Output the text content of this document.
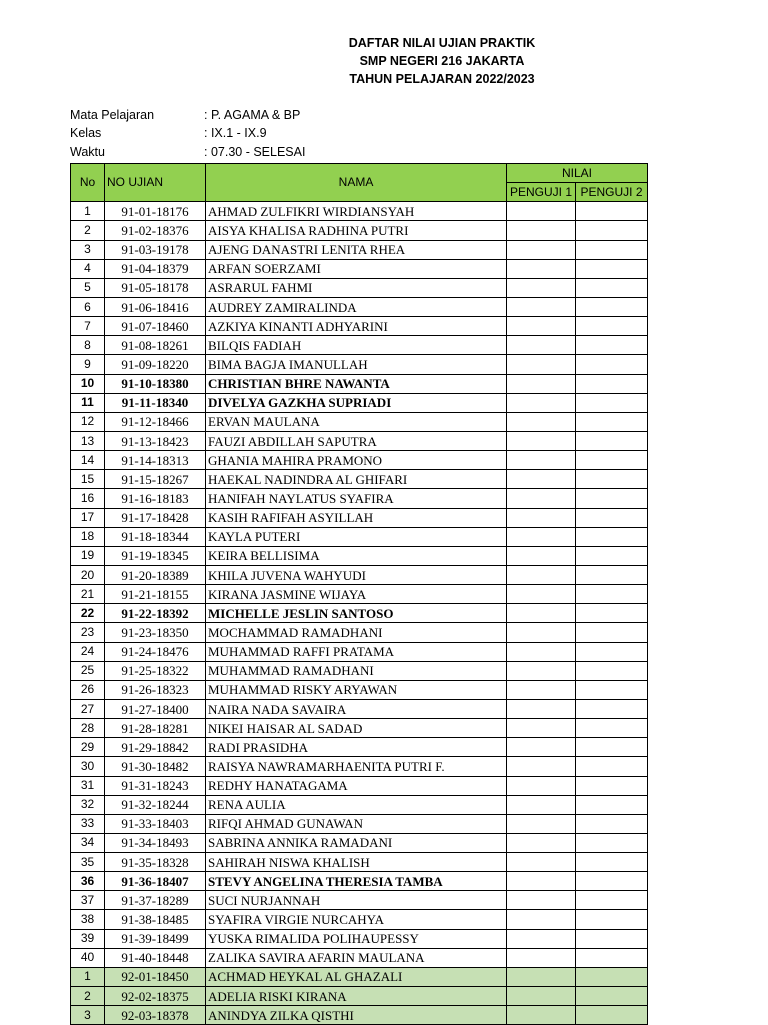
DAFTAR NILAI UJIAN PRAKTIK
SMP NEGERI 216 JAKARTA
TAHUN PELAJARAN 2022/2023
Mata Pelajaran	: P. AGAMA & BP
Kelas	: IX.1 - IX.9
Waktu	: 07.30 - SELESAI
No	NO UJIAN	NAMA	NILAI	
			PENGUJI 1	PENGUJI 2
1	91-01-18176	AHMAD ZULFIKRI WIRDIANSYAH		
2	91-02-18376	AISYA KHALISA RADHINA PUTRI		
3	91-03-19178	AJENG DANASTRI LENITA RHEA		
4	91-04-18379	ARFAN SOERZAMI		
5	91-05-18178	ASRARUL FAHMI		
6	91-06-18416	AUDREY ZAMIRALINDA		
7	91-07-18460	AZKIYA KINANTI ADHYARINI		
8	91-08-18261	BILQIS FADIAH		
9	91-09-18220	BIMA BAGJA IMANULLAH		
10	91-10-18380	CHRISTIAN BHRE NAWANTA		
11	91-11-18340	DIVELYA GAZKHA SUPRIADI		
12	91-12-18466	ERVAN MAULANA		
13	91-13-18423	FAUZI ABDILLAH SAPUTRA		
14	91-14-18313	GHANIA MAHIRA PRAMONO		
15	91-15-18267	HAEKAL NADINDRA AL GHIFARI		
16	91-16-18183	HANIFAH NAYLATUS SYAFIRA		
17	91-17-18428	KASIH RAFIFAH ASYILLAH		
18	91-18-18344	KAYLA PUTERI		
19	91-19-18345	KEIRA BELLISIMA		
20	91-20-18389	KHILA JUVENA WAHYUDI		
21	91-21-18155	KIRANA JASMINE WIJAYA		
22	91-22-18392	MICHELLE JESLIN SANTOSO		
23	91-23-18350	MOCHAMMAD RAMADHANI		
24	91-24-18476	MUHAMMAD RAFFI PRATAMA		
25	91-25-18322	MUHAMMAD RAMADHANI		
26	91-26-18323	MUHAMMAD RISKY ARYAWAN		
27	91-27-18400	NAIRA NADA SAVAIRA		
28	91-28-18281	NIKEI HAISAR AL SADAD		
29	91-29-18842	RADI PRASIDHA		
30	91-30-18482	RAISYA NAWRAMARHAENITA PUTRI F.		
31	91-31-18243	REDHY HANATAGAMA		
32	91-32-18244	RENA AULIA		
33	91-33-18403	RIFQI AHMAD GUNAWAN		
34	91-34-18493	SABRINA ANNIKA RAMADANI		
35	91-35-18328	SAHIRAH NISWA KHALISH		
36	91-36-18407	STEVY ANGELINA THERESIA TAMBA		
37	91-37-18289	SUCI NURJANNAH		
38	91-38-18485	SYAFIRA VIRGIE NURCAHYA		
39	91-39-18499	YUSKA RIMALIDA POLIHAUPESSY		
40	91-40-18448	ZALIKA SAVIRA AFARIN MAULANA		
1	92-01-18450	ACHMAD HEYKAL AL GHAZALI		
2	92-02-18375	ADELIA RISKI KIRANA		
3	92-03-18378	ANINDYA ZILKA QISTHI		
